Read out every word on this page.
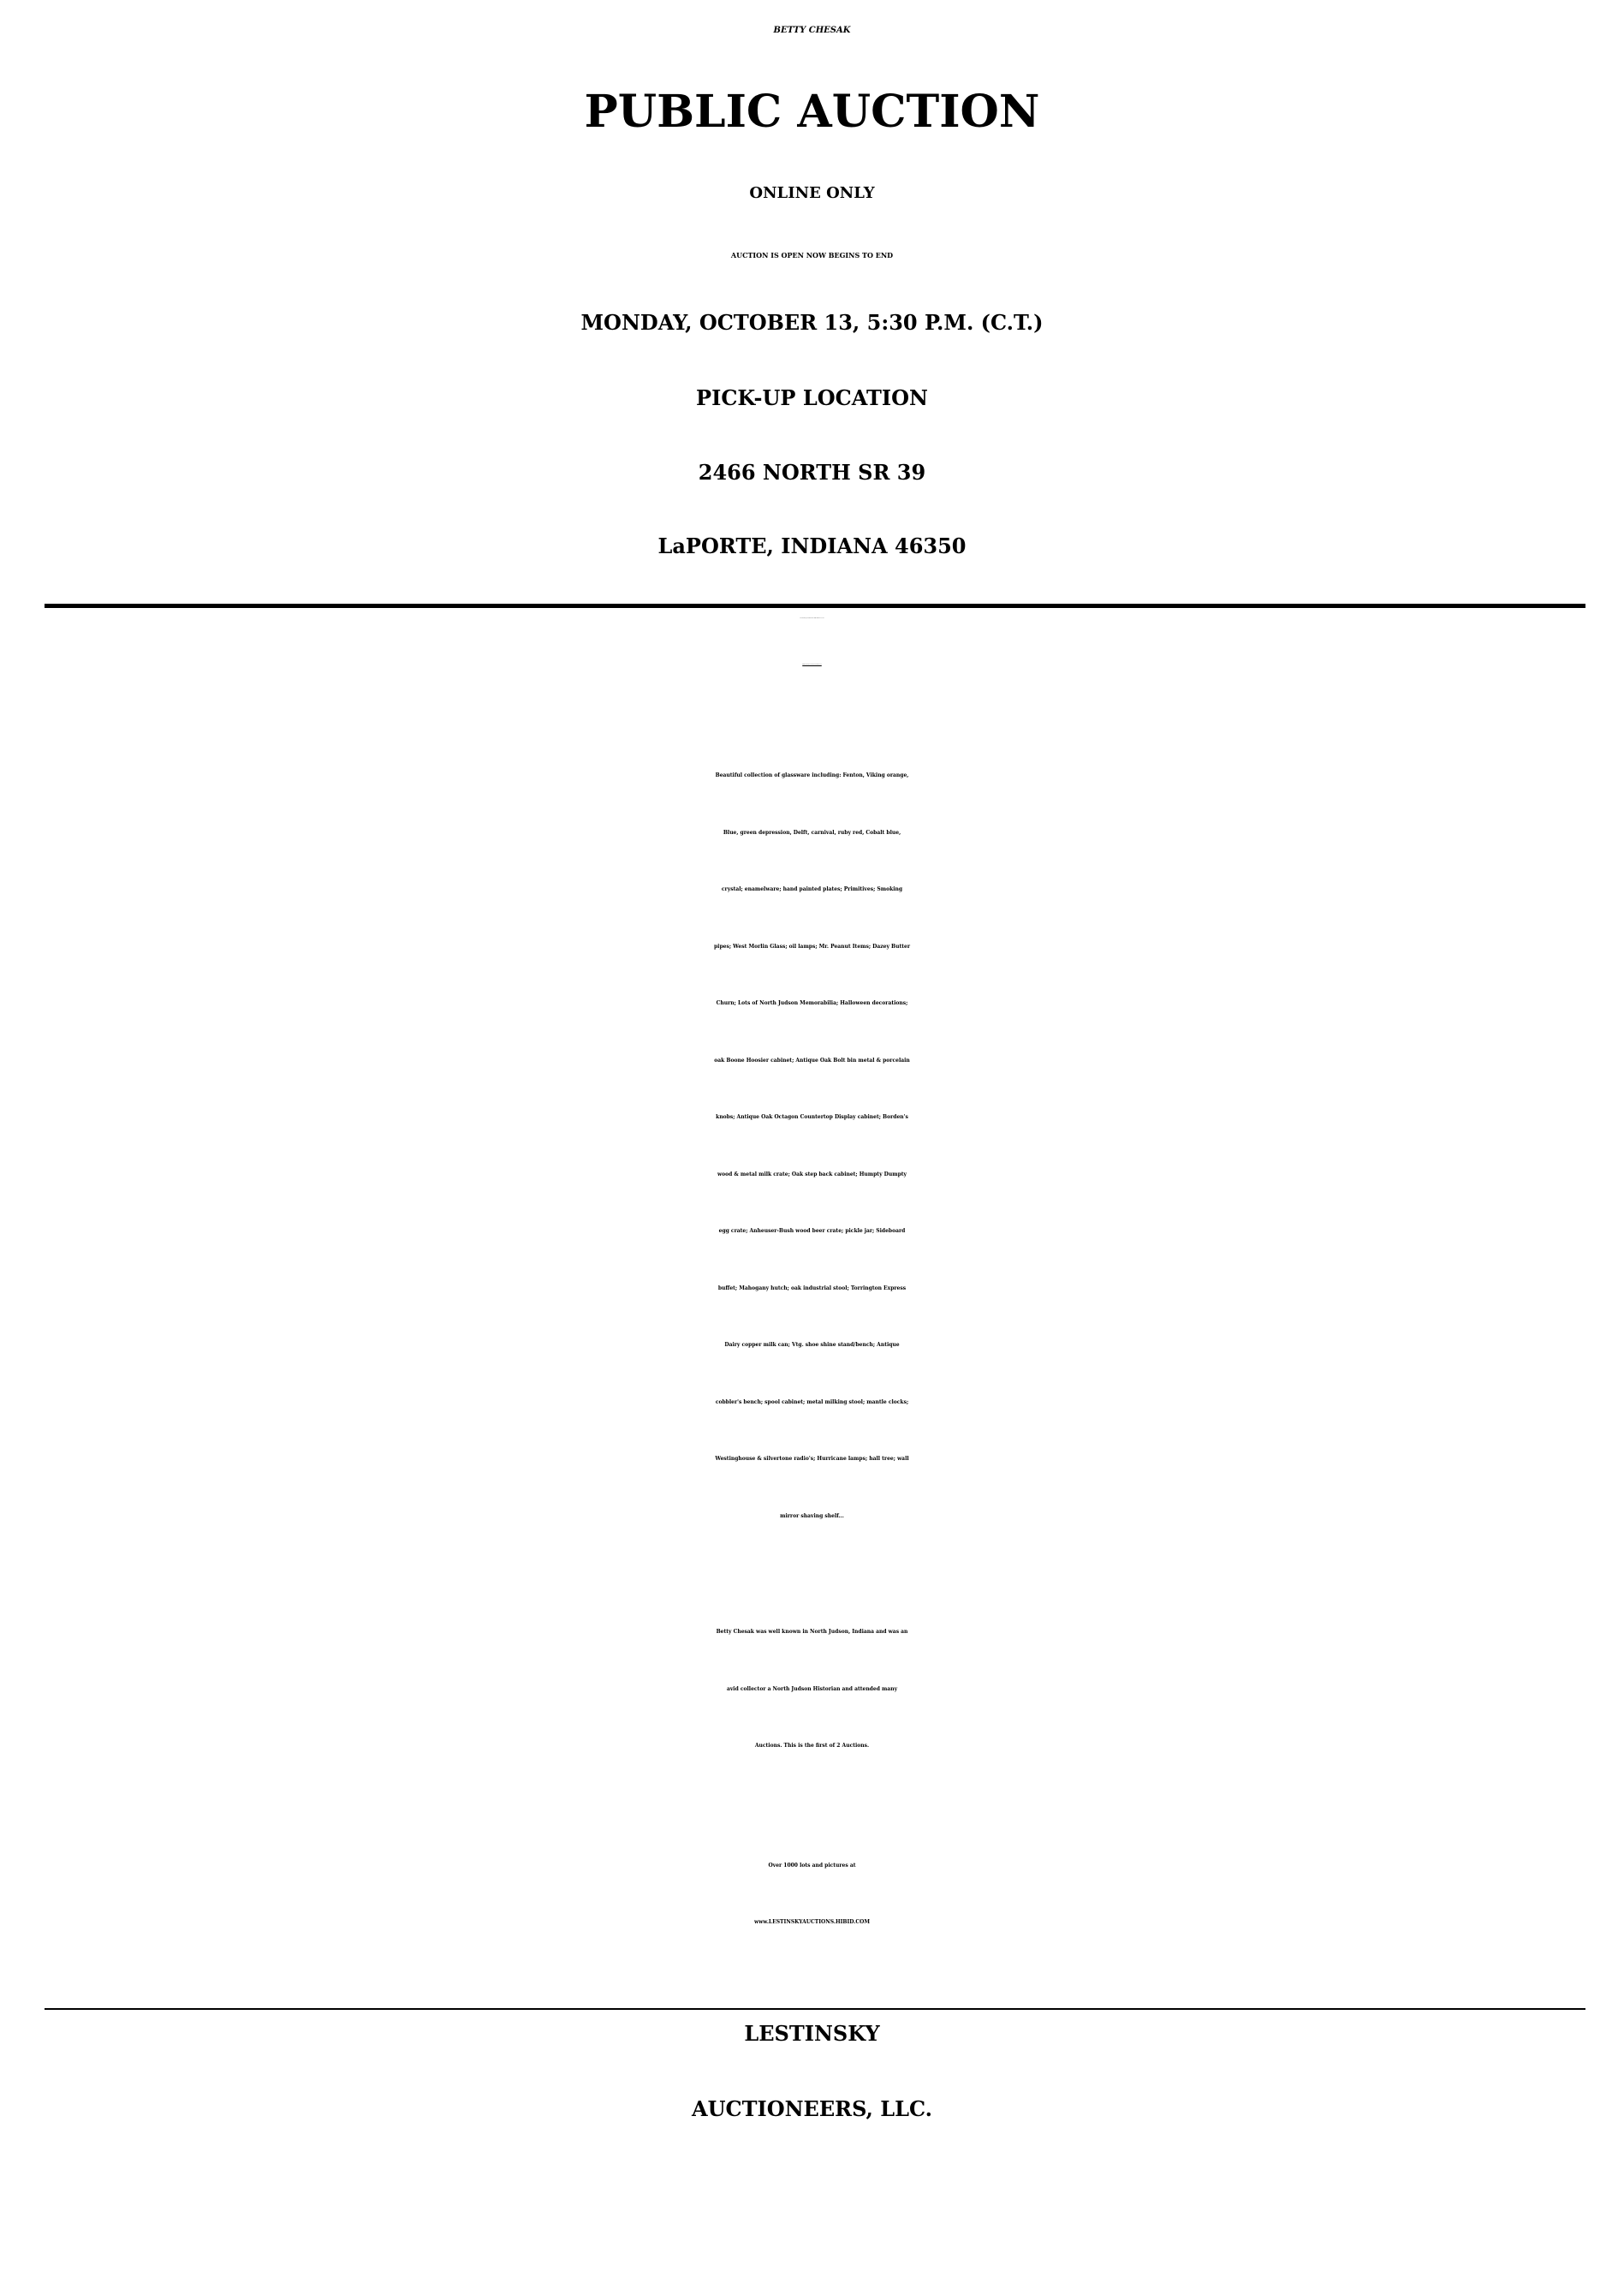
BETTY CHESAK
PUBLIC AUCTION
ONLINE ONLY
AUCTION IS OPEN NOW BEGINS TO END
MONDAY, OCTOBER 13, 5:30 P.M. (C.T.)
PICK-UP LOCATION
2466 NORTH SR 39
LaPORTE, INDIANA 46350
FOR TERMS, REGISTRATION and BIDDING GO TO
www.LESTINSKYAUCTIONS.HIBID.COM
Beautiful collection of glassware including: Fenton, Viking orange,
Blue, green depression, Delft, carnival, ruby red, Cobalt blue,
crystal; enamelware; hand painted plates; Primitives; Smoking
pipes; West Morlin Glass; oil lamps; Mr. Peanut Items; Dazey Butter
Churn; Lots of North Judson Memorabilia; Halloween decorations;
oak Boone Hoosier cabinet; Antique Oak Bolt bin metal & porcelain
knobs; Antique Oak Octagon Countertop Display cabinet; Borden's
wood & metal milk crate; Oak step back cabinet; Humpty Dumpty
egg crate; Anheuser-Bush wood beer crate; pickle jar; Sideboard
buffet; Mahogany hutch; oak industrial stool; Torrington Express
Dairy copper milk can; Vtg. shoe shine stand/bench; Antique
cobbler's bench; spool cabinet; metal milking stool; mantle clocks;
Westinghouse & silvertone radio's; Hurricane lamps; hall tree; wall
mirror shaving shelf...
Betty Chesak was well known in North Judson, Indiana and was an
avid collector a North Judson Historian and attended many
Auctions. This is the first of 2 Auctions.
Over 1000 lots and pictures at
www.LESTINSKYAUCTIONS.HIBID.COM
LESTINSKY
AUCTIONEERS, LLC.
